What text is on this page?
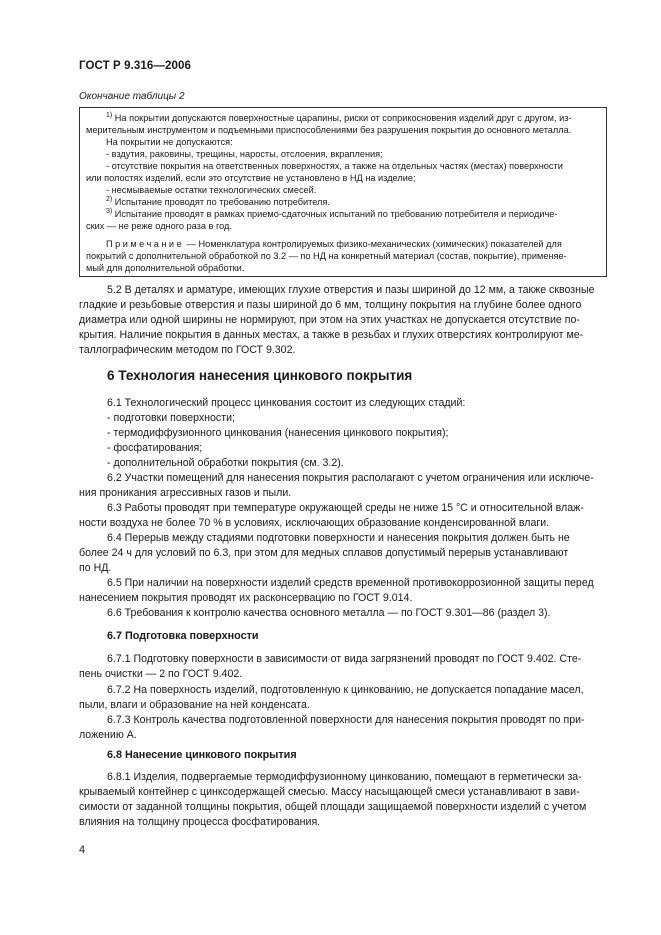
ГОСТ Р 9.316—2006
Окончание таблицы 2
$^{1)}$ На покрытии допускаются поверхностные царапины, риски от соприкосновения изделий друг с другом, из-
мерительным инструментом и подъемными приспособлениями без разрушения покрытия до основного металла.
На покрытии не допускаются:
- вздутия, раковины, трещины, наросты, отслоения, вкрапления;
- отсутствие покрытия на ответственных поверхностях, а также на отдельных частях (местах) поверхности
или полостях изделий, если это отсутствие не установлено в НД на изделие;
- несмываемые остатки технологических смесей.
$^{2)}$ Испытание проводят по требованию потребителя.
$^{3)}$ Испытание проводят в рамках приемо-сдаточных испытаний по требованию потребителя и периодиче-
ских — не реже одного раза в год.
Примечание — Номенклатура контролируемых физико-механических (химических) показателей для
покрытий с дополнительной обработкой по 3.2 — по НД на конкретный материал (состав, покрытие), применяе-
мый для дополнительной обработки.
5.2 В деталях и арматуре, имеющих глухие отверстия и пазы шириной до 12 мм, а также сквозные
гладкие и резьбовые отверстия и пазы шириной до 6 мм, толщину покрытия на глубине более одного
диаметра или одной ширины не нормируют, при этом на этих участках не допускается отсутствие по-
крытия. Наличие покрытия в данных местах, а также в резьбах и глухих отверстиях контролируют ме-
таллографическим методом по ГОСТ 9.302.
6 Технология нанесения цинкового покрытия
6.1 Технологический процесс цинкования состоит из следующих стадий:
- подготовки поверхности;
- термодиффузионного цинкования (нанесения цинкового покрытия);
- фосфатирования;
- дополнительной обработки покрытия (см. 3.2).
6.2 Участки помещений для нанесения покрытия располагают с учетом ограничения или исключе-
ния проникания агрессивных газов и пыли.
6.3 Работы проводят при температуре окружающей среды не ниже 15 °С и относительной влаж-
ности воздуха не более 70 % в условиях, исключающих образование конденсированной влаги.
6.4 Перерыв между стадиями подготовки поверхности и нанесения покрытия должен быть не
более 24 ч для условий по 6.3, при этом для медных сплавов допустимый перерыв устанавливают
по НД.
6.5 При наличии на поверхности изделий средств временной противокоррозионной защиты перед
нанесением покрытия проводят их расконсервацию по ГОСТ 9.014.
6.6 Требования к контролю качества основного металла — по ГОСТ 9.301—86 (раздел 3).
6.7 Подготовка поверхности
6.7.1 Подготовку поверхности в зависимости от вида загрязнений проводят по ГОСТ 9.402. Сте-
пень очистки — 2 по ГОСТ 9.402.
6.7.2 На поверхность изделий, подготовленную к цинкованию, не допускается попадание масел,
пыли, влаги и образование на ней конденсата.
6.7.3 Контроль качества подготовленной поверхности для нанесения покрытия проводят по при-
ложению А.
6.8 Нанесение цинкового покрытия
6.8.1 Изделия, подвергаемые термодиффузионному цинкованию, помещают в герметически за-
крываемый контейнер с цинксодержащей смесью. Массу насыщающей смеси устанавливают в зави-
симости от заданной толщины покрытия, общей площади защищаемой поверхности изделий с учетом
влияния на толщину процесса фосфатирования.
4
